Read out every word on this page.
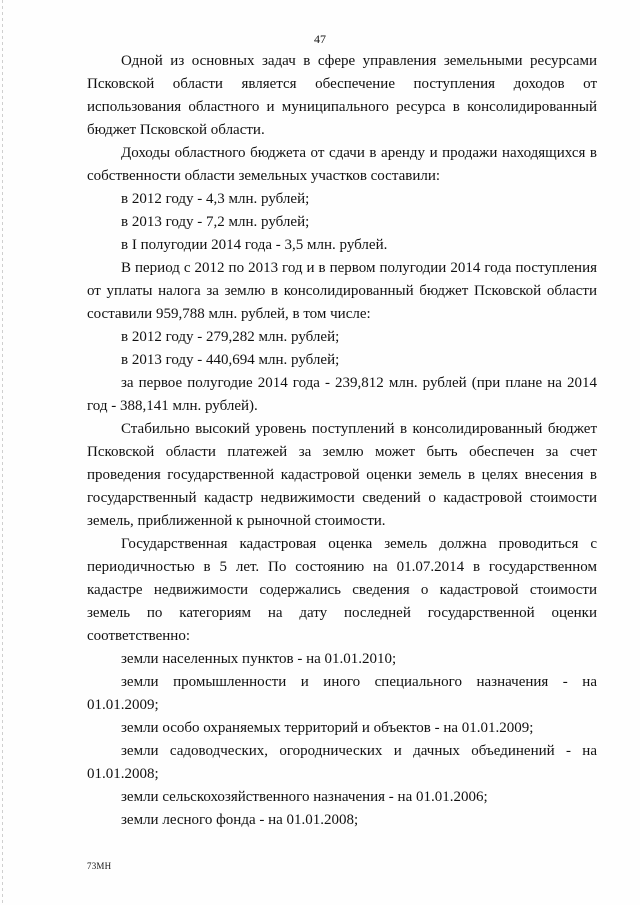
47

Одной из основных задач в сфере управления земельными ресурсами Псковской области является обеспечение поступления доходов от использования областного и муниципального ресурса в консолидированный бюджет Псковской области.

Доходы областного бюджета от сдачи в аренду и продажи находящихся в собственности области земельных участков составили:

в 2012 году - 4,3 млн. рублей;

в 2013 году - 7,2 млн. рублей;

в I полугодии 2014 года - 3,5 млн. рублей.

В период с 2012 по 2013 год и в первом полугодии 2014 года поступления от уплаты налога за землю в консолидированный бюджет Псковской области составили 959,788 млн. рублей, в том числе:

в 2012 году - 279,282 млн. рублей;

в 2013 году - 440,694 млн. рублей;

за первое полугодие 2014 года - 239,812 млн. рублей (при плане на 2014 год - 388,141 млн. рублей).

Стабильно высокий уровень поступлений в консолидированный бюджет Псковской области платежей за землю может быть обеспечен за счет проведения государственной кадастровой оценки земель в целях внесения в государственный кадастр недвижимости сведений о кадастровой стоимости земель, приближенной к рыночной стоимости.

Государственная кадастровая оценка земель должна проводиться с периодичностью в 5 лет. По состоянию на 01.07.2014 в государственном кадастре недвижимости содержались сведения о кадастровой стоимости земель по категориям на дату последней государственной оценки соответственно:

земли населенных пунктов - на 01.01.2010;

земли промышленности и иного специального назначения - на 01.01.2009;

земли особо охраняемых территорий и объектов - на 01.01.2009;

земли садоводческих, огороднических и дачных объединений - на 01.01.2008;

земли сельскохозяйственного назначения - на 01.01.2006;

земли лесного фонда - на 01.01.2008;

73МН
